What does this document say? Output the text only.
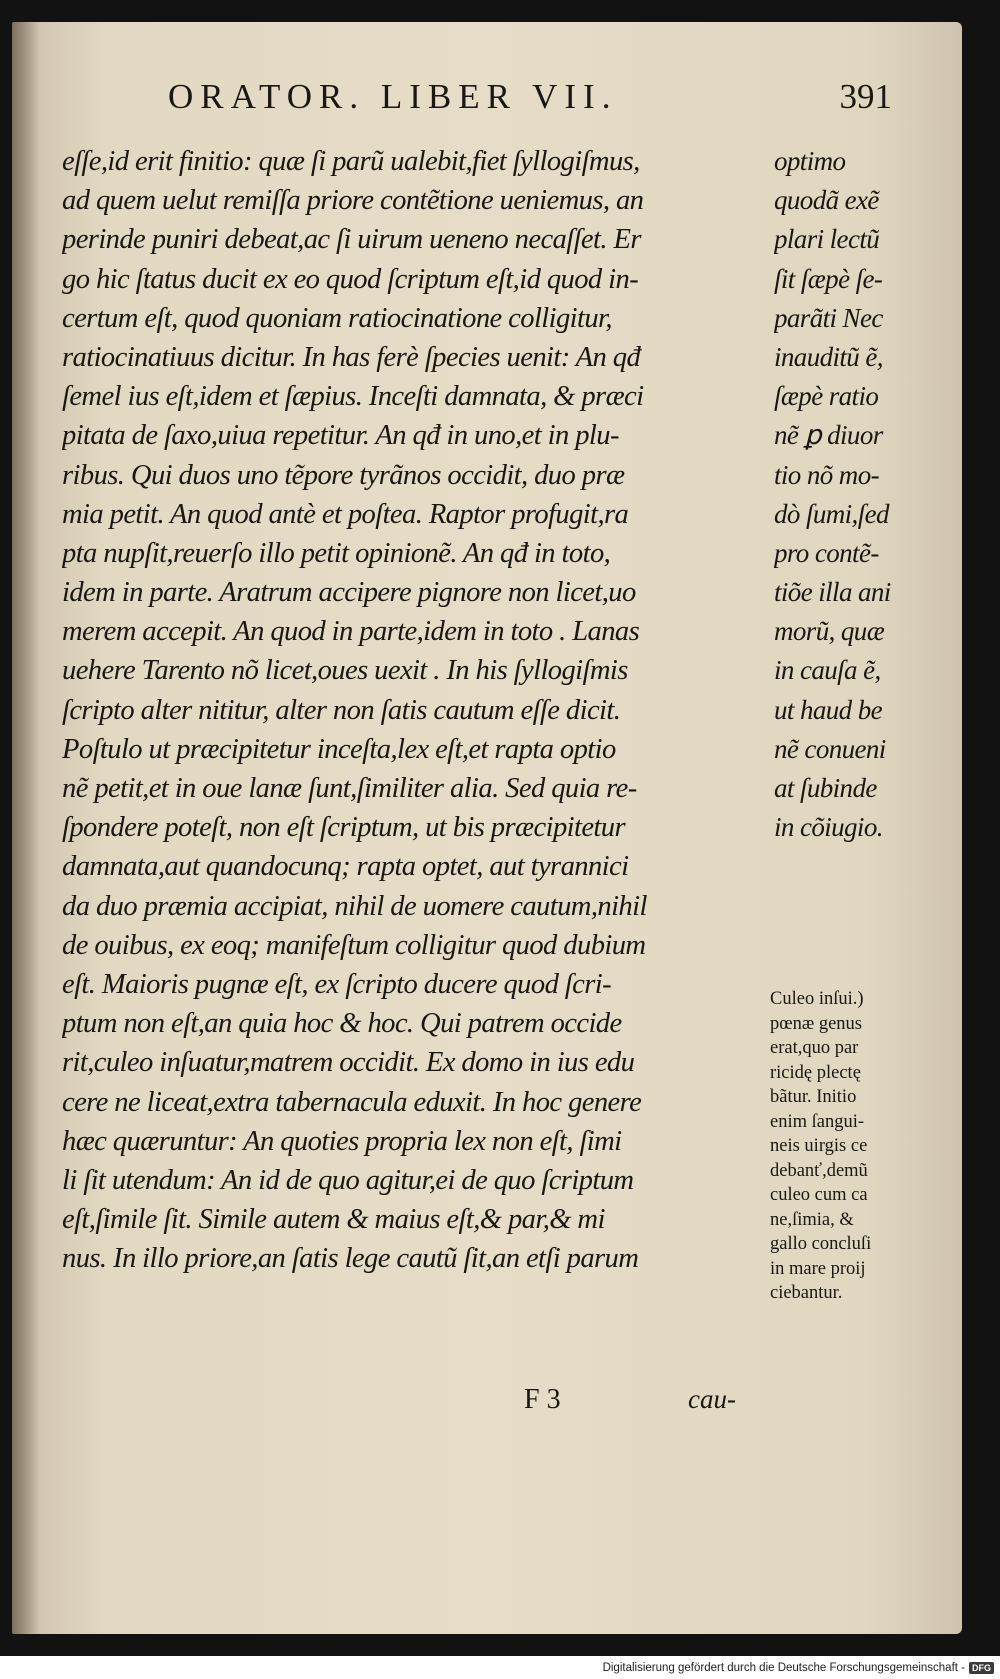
ORATOR. LIBER VII.	391
eſſe,id erit finitio: quæ ſi parũ ualebit,fiet ſyllogiſmus,
ad quem uelut remiſſa priore contẽtione ueniemus, an
perinde puniri debeat,ac ſi uirum ueneno necaſſet. Er
go hic ſtatus ducit ex eo quod ſcriptum eſt,id quod in-
certum eſt, quod quoniam ratiocinatione colligitur,
ratiocinatiuus dicitur. In has ferè ſpecies uenit: An qđ
ſemel ius eſt,idem et ſæpius. Inceſti damnata, & præci
pitata de ſaxo,uiua repetitur. An qđ in uno,et in plu-
ribus. Qui duos uno tẽpore tyrãnos occidit, duo præ
mia petit. An quod antè et poſtea. Raptor profugit,ra
pta nupſit,reuerſo illo petit opinionẽ. An qđ in toto,
idem in parte. Aratrum accipere pignore non licet,uo
merem accepit. An quod in parte,idem in toto . Lanas
uehere Tarento nõ licet,oues uexit . In his ſyllogiſmis
ſcripto alter nititur, alter non ſatis cautum eſſe dicit.
Poſtulo ut præcipitetur inceſta,lex eſt,et rapta optio
nẽ petit,et in oue lanæ ſunt,ſimiliter alia. Sed quia re-
ſpondere poteſt, non eſt ſcriptum, ut bis præcipitetur
damnata,aut quandocunq; rapta optet, aut tyrannici
da duo præmia accipiat, nihil de uomere cautum,nihil
de ouibus, ex eoq; manifeſtum colligitur quod dubium
eſt. Maioris pugnæ eſt, ex ſcripto ducere quod ſcri-
ptum non eſt,an quia hoc & hoc. Qui patrem occide
rit,culeo inſuatur,matrem occidit. Ex domo in ius edu
cere ne liceat,extra tabernacula eduxit. In hoc genere
hæc quæruntur: An quoties propria lex non eſt, ſimi
li ſit utendum: An id de quo agitur,ei de quo ſcriptum
eſt,ſimile ſit. Simile autem & maius eſt,& par,& mi
nus. In illo priore,an ſatis lege cautũ ſit,an etſi parum
optimo
quodã exẽ
plari lectũ
ſit ſæpè ſe-
parãti Nec
inauditũ ẽ,
ſæpè ratio
nẽ ꝑ diuor
tio nõ mo-
dò ſumi,ſed
pro contẽ-
tiõe illa ani
morũ, quæ
in cauſa ẽ,
ut haud be
nẽ conueni
at ſubinde
in cõiugio.
Culeo inſui.)
pœnæ genus
erat,quo par
ricidę plectę
bãtur. Initio
enim ſangui-
neis uirgis ce
debanť,demũ
culeo cum ca
ne,ſimia, &
gallo concluſi
in mare proij
ciebantur.
F 3	cau-
Digitalisierung gefördert durch die Deutsche Forschungsgemeinschaft - DFG
